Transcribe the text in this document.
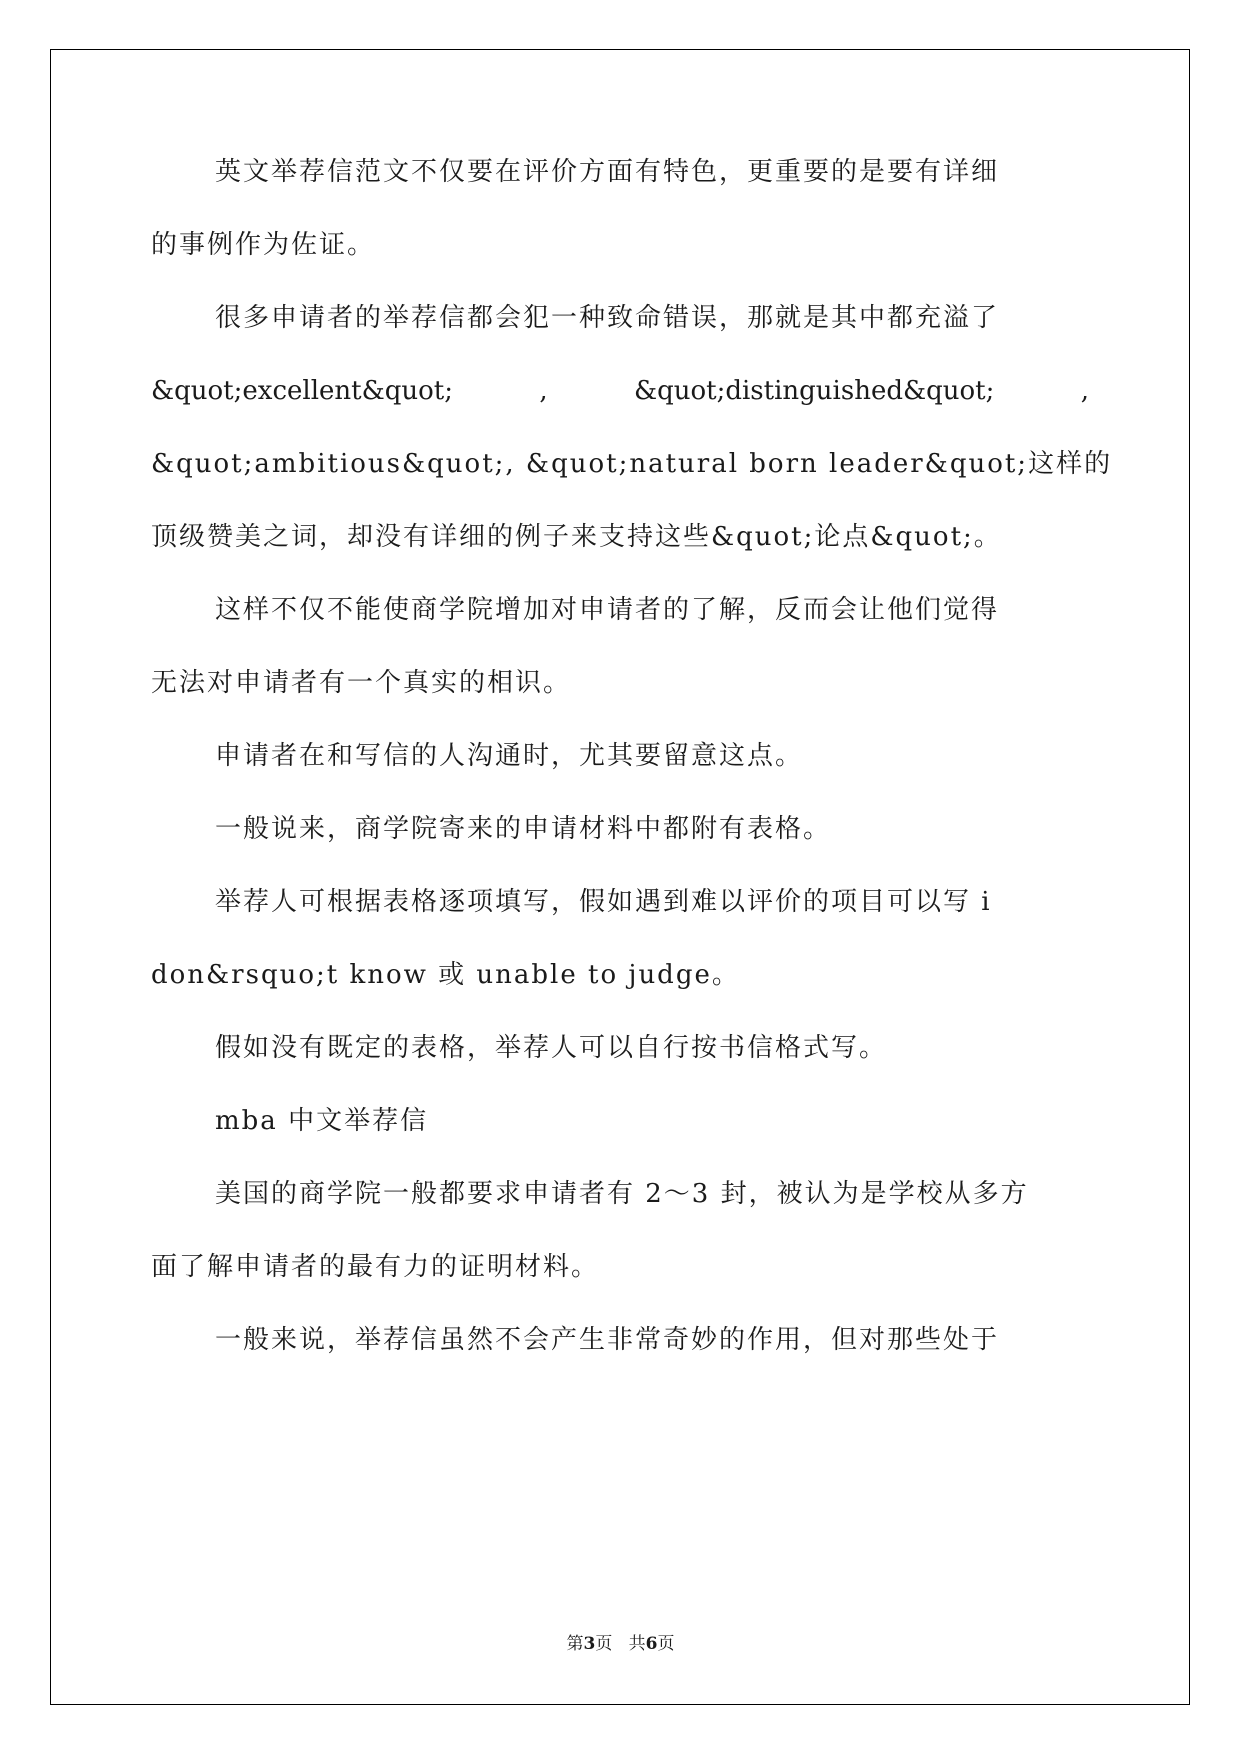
英文举荐信范文不仅要在评价方面有特色，更重要的是要有详细
的事例作为佐证。
很多申请者的举荐信都会犯一种致命错误，那就是其中都充溢了
&quot;excellent&quot;	,	&quot;distinguished&quot;	,
&quot;ambitious&quot;, &quot;natural born leader&quot;这样的
顶级赞美之词，却没有详细的例子来支持这些&quot;论点&quot;。
这样不仅不能使商学院增加对申请者的了解，反而会让他们觉得
无法对申请者有一个真实的相识。
申请者在和写信的人沟通时，尤其要留意这点。
一般说来，商学院寄来的申请材料中都附有表格。
举荐人可根据表格逐项填写，假如遇到难以评价的项目可以写 i
don&rsquo;t know 或 unable to judge。
假如没有既定的表格，举荐人可以自行按书信格式写。
mba 中文举荐信
美国的商学院一般都要求申请者有 2～3 封，被认为是学校从多方
面了解申请者的最有力的证明材料。
一般来说，举荐信虽然不会产生非常奇妙的作用，但对那些处于
第3页 共6页
